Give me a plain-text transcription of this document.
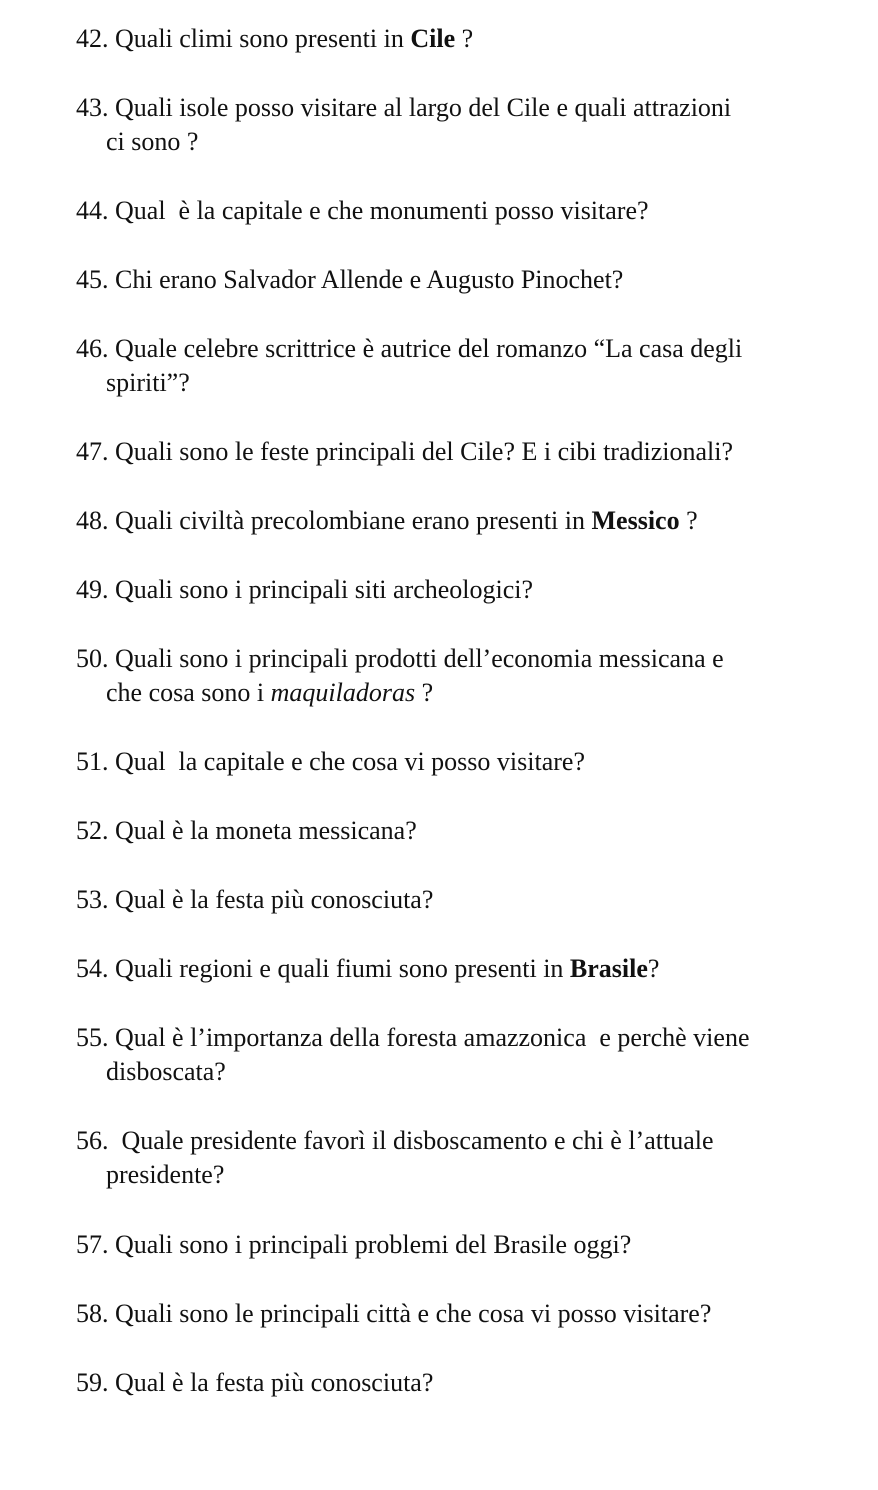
42. Quali climi sono presenti in Cile ?
43. Quali isole posso visitare al largo del Cile e quali attrazioni
ci sono ?
44. Qual  è la capitale e che monumenti posso visitare?
45. Chi erano Salvador Allende e Augusto Pinochet?
46. Quale celebre scrittrice è autrice del romanzo “La casa degli
spiriti”?
47. Quali sono le feste principali del Cile? E i cibi tradizionali?
48. Quali civiltà precolombiane erano presenti in Messico ?
49. Quali sono i principali siti archeologici?
50. Quali sono i principali prodotti dell’economia messicana e
che cosa sono i maquiladoras ?
51. Qual  la capitale e che cosa vi posso visitare?
52. Qual è la moneta messicana?
53. Qual è la festa più conosciuta?
54. Quali regioni e quali fiumi sono presenti in Brasile?
55. Qual è l’importanza della foresta amazzonica  e perchè viene
disboscata?
56.  Quale presidente favorì il disboscamento e chi è l’attuale
presidente?
57. Quali sono i principali problemi del Brasile oggi?
58. Quali sono le principali città e che cosa vi posso visitare?
59. Qual è la festa più conosciuta?
